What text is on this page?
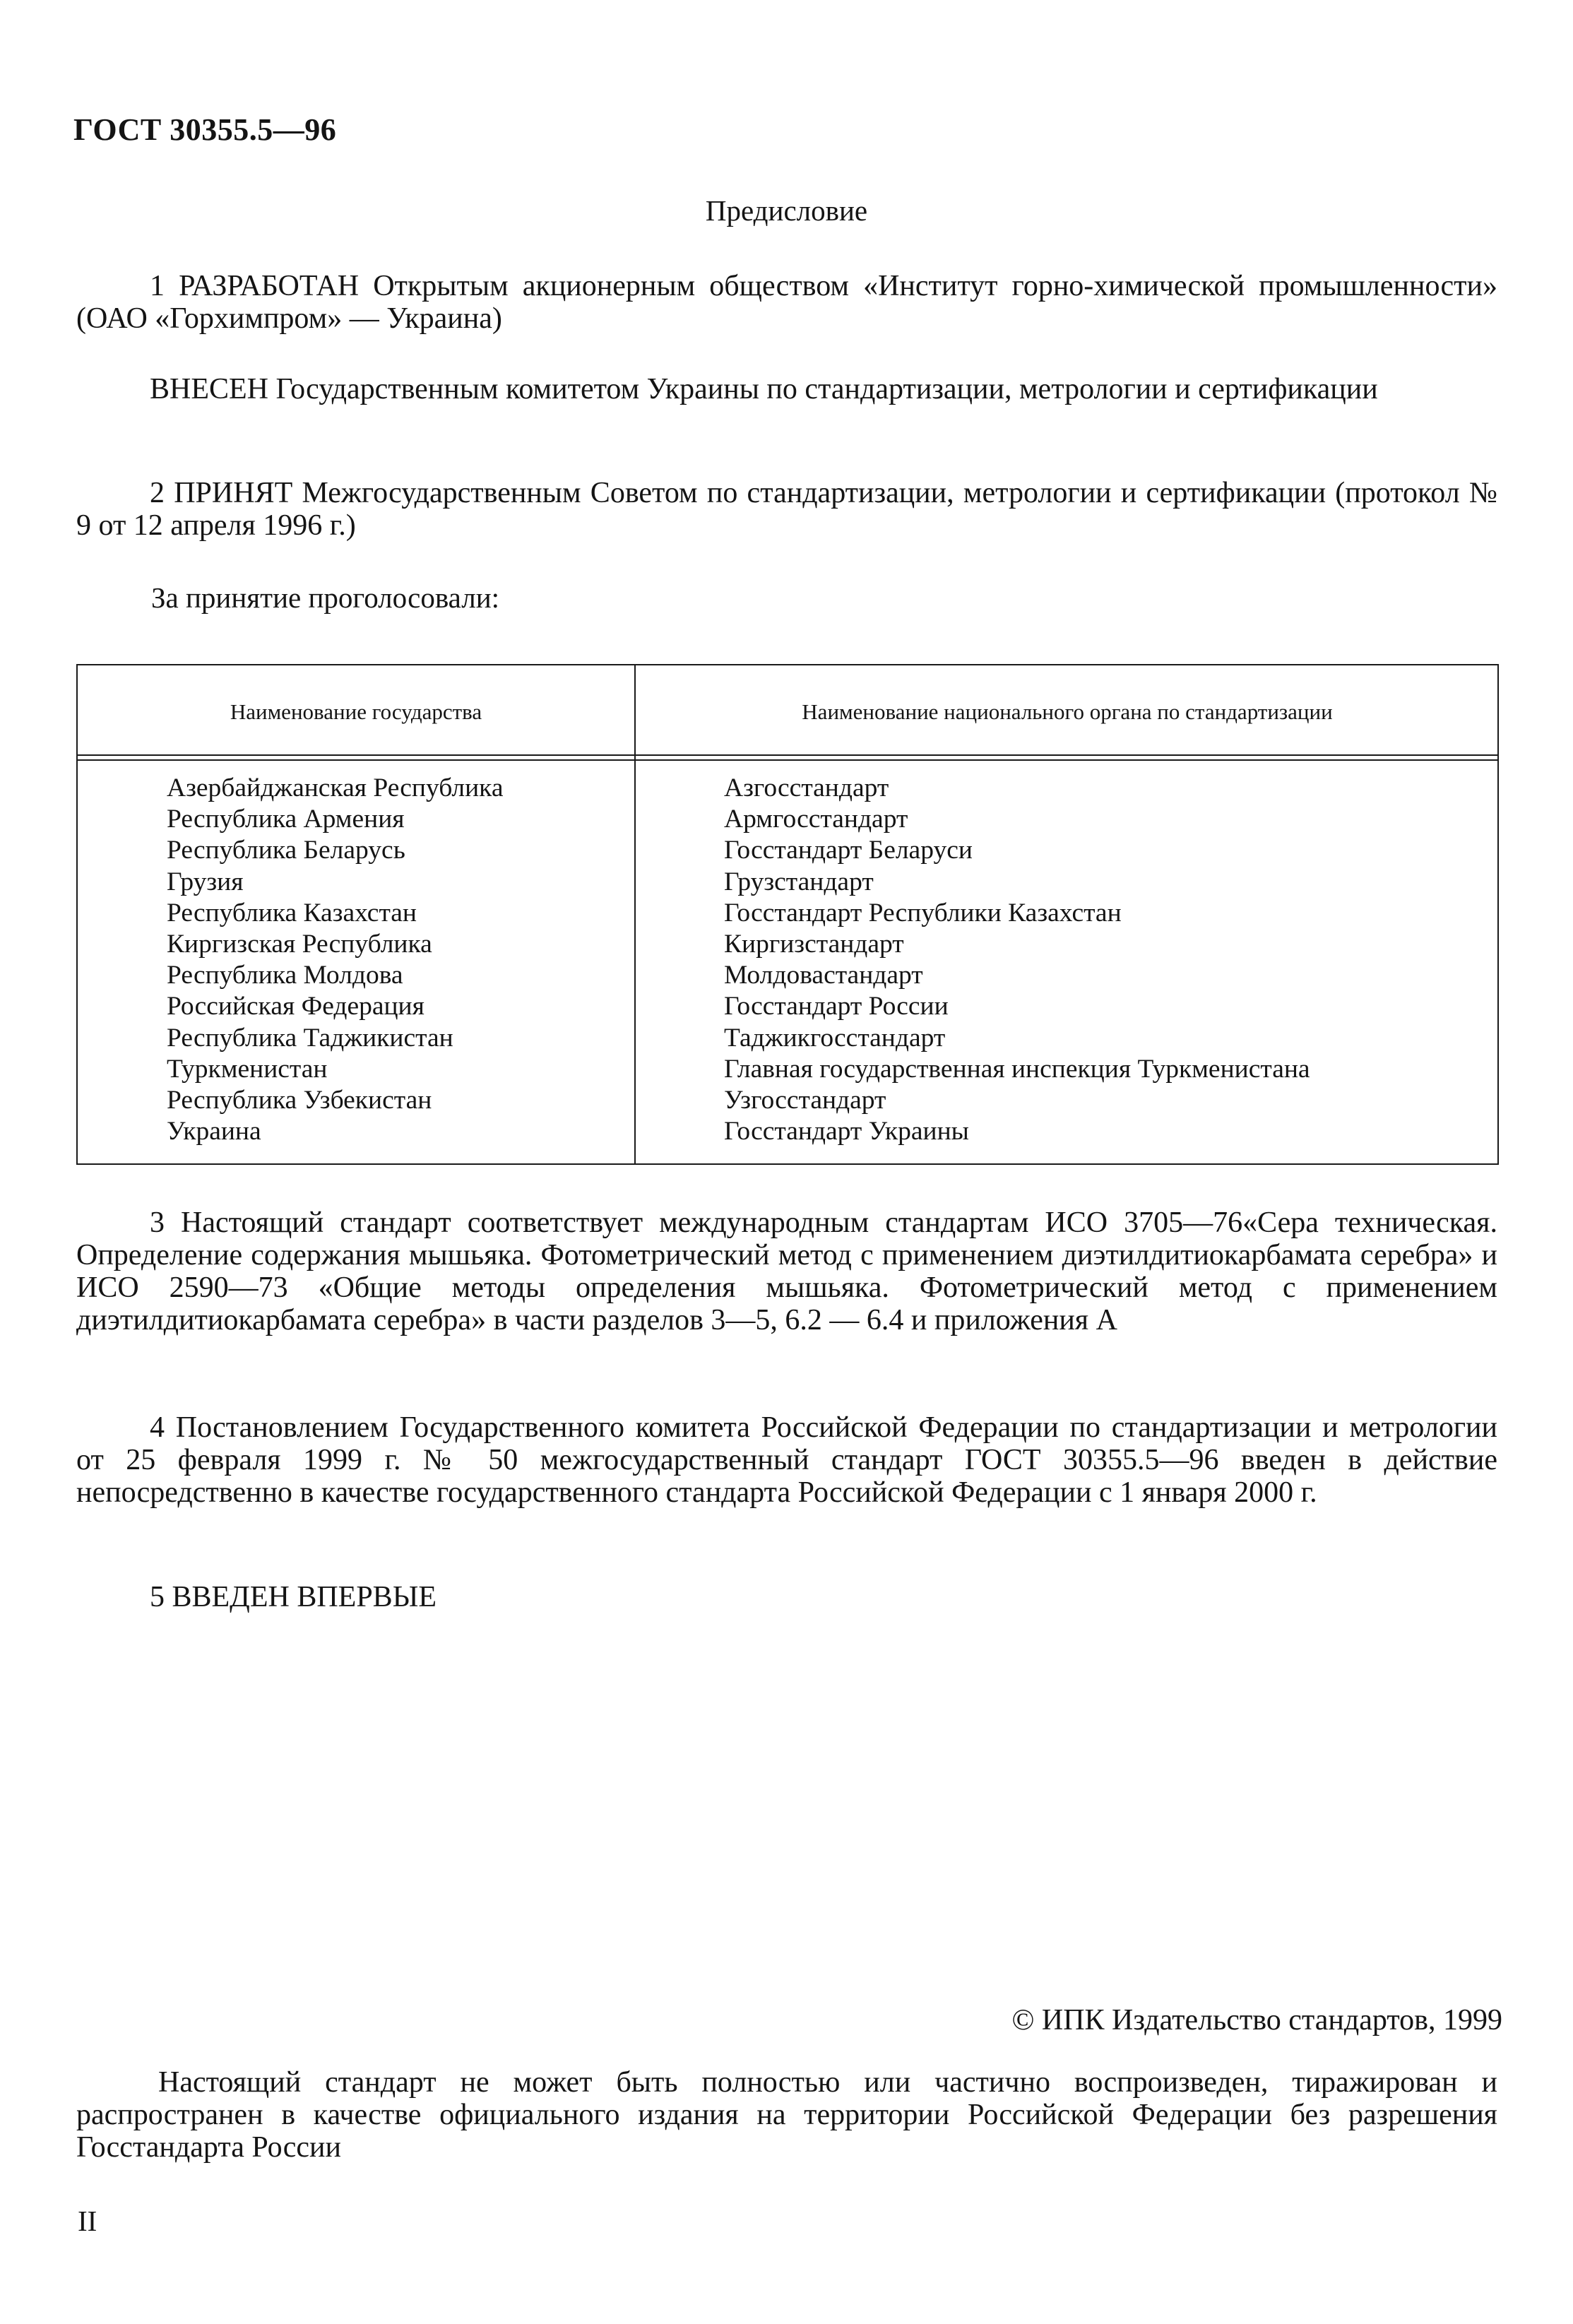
ГОСТ 30355.5—96
Предисловие
1 РАЗРАБОТАН Открытым акционерным обществом «Институт горно-химической промышленности» (ОАО «Горхимпром» — Украина)
ВНЕСЕН Государственным комитетом Украины по стандартизации, метрологии и сертификации
2 ПРИНЯТ Межгосударственным Советом по стандартизации, метрологии и сертификации (протокол № 9 от 12 апреля 1996 г.)
За принятие проголосовали:
Наименование государства	Наименование национального органа по стандартизации
Азербайджанская Республика
Республика Армения
Республика Беларусь
Грузия
Республика Казахстан
Киргизская Республика
Республика Молдова
Российская Федерация
Республика Таджикистан
Туркменистан
Республика Узбекистан
Украина
Азгосстандарт
Армгосстандарт
Госстандарт Беларуси
Грузстандарт
Госстандарт Республики Казахстан
Киргизстандарт
Молдовастандарт
Госстандарт России
Таджикгосстандарт
Главная государственная инспекция Туркменистана
Узгосстандарт
Госстандарт Украины
3 Настоящий стандарт соответствует международным стандартам ИСО 3705—76«Сера техническая. Определение содержания мышьяка. Фотометрический метод с применением диэтилдитиокарбамата серебра» и ИСО 2590—73 «Общие методы определения мышьяка. Фотометрический метод с применением диэтилдитиокарбамата серебра» в части разделов 3—5, 6.2 — 6.4 и приложения А
4 Постановлением Государственного комитета Российской Федерации по стандартизации и метрологии от 25 февраля 1999 г. № 50 межгосударственный стандарт ГОСТ 30355.5—96 введен в действие непосредственно в качестве государственного стандарта Российской Федерации с 1 января 2000 г.
5 ВВЕДЕН ВПЕРВЫЕ
© ИПК Издательство стандартов, 1999
Настоящий стандарт не может быть полностью или частично воспроизведен, тиражирован и распространен в качестве официального издания на территории Российской Федерации без разрешения Госстандарта России
II
